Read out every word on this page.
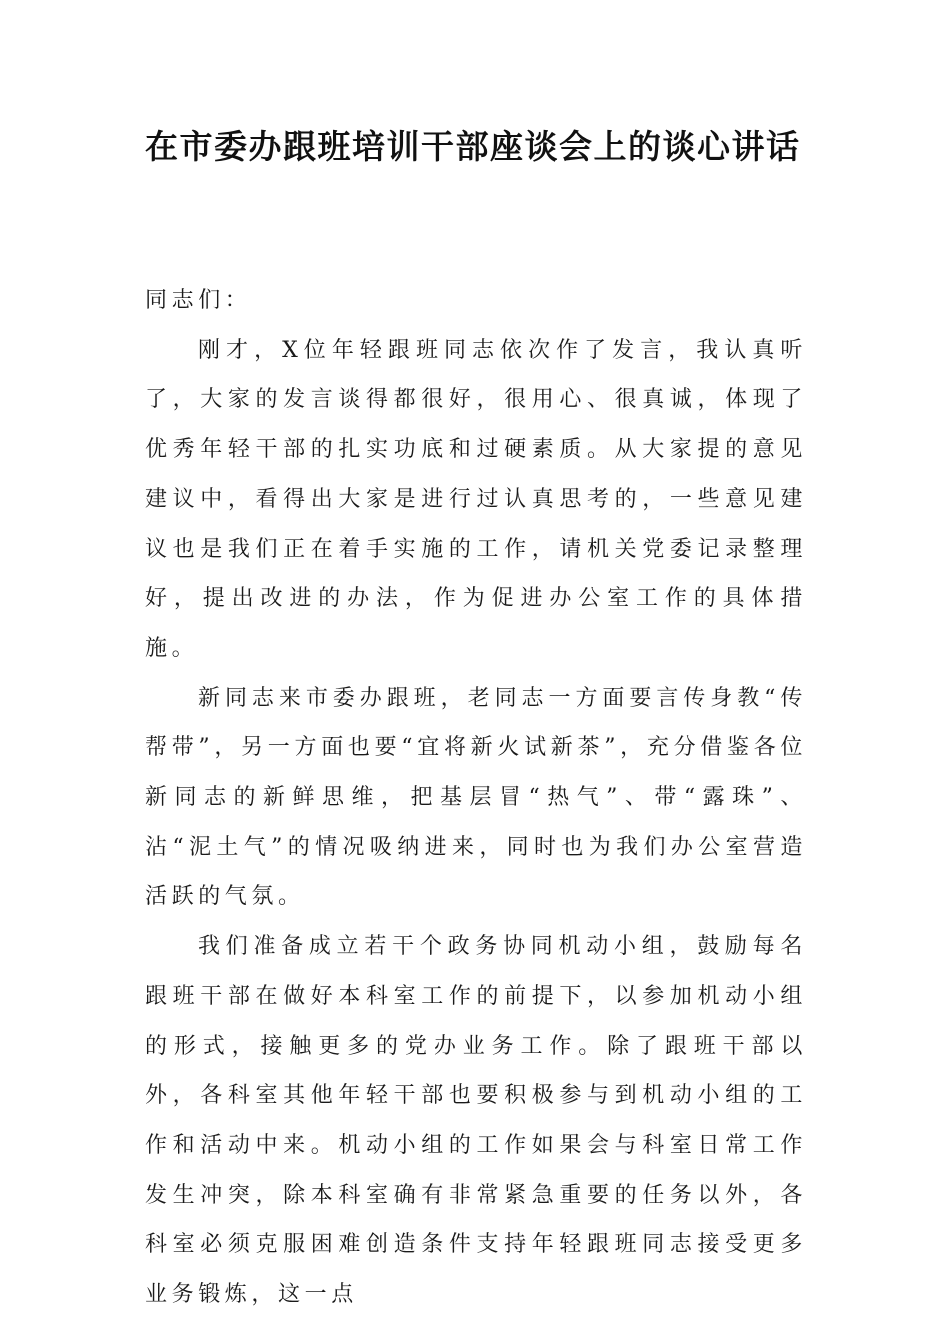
在市委办跟班培训干部座谈会上的谈心讲话

同志们：

刚才，X位年轻跟班同志依次作了发言，我认真听了，大家的发言谈得都很好，很用心、很真诚，体现了优秀年轻干部的扎实功底和过硬素质。从大家提的意见建议中，看得出大家是进行过认真思考的，一些意见建议也是我们正在着手实施的工作，请机关党委记录整理好，提出改进的办法，作为促进办公室工作的具体措施。

新同志来市委办跟班，老同志一方面要言传身教“传帮带”，另一方面也要“宜将新火试新茶”，充分借鉴各位新同志的新鲜思维，把基层冒“热气”、带“露珠”、沾“泥土气”的情况吸纳进来，同时也为我们办公室营造活跃的气氛。

我们准备成立若干个政务协同机动小组，鼓励每名跟班干部在做好本科室工作的前提下，以参加机动小组的形式，接触更多的党办业务工作。除了跟班干部以外，各科室其他年轻干部也要积极参与到机动小组的工作和活动中来。机动小组的工作如果会与科室日常工作发生冲突，除本科室确有非常紧急重要的任务以外，各科室必须克服困难创造条件支持年轻跟班同志接受更多业务锻炼，这一点
